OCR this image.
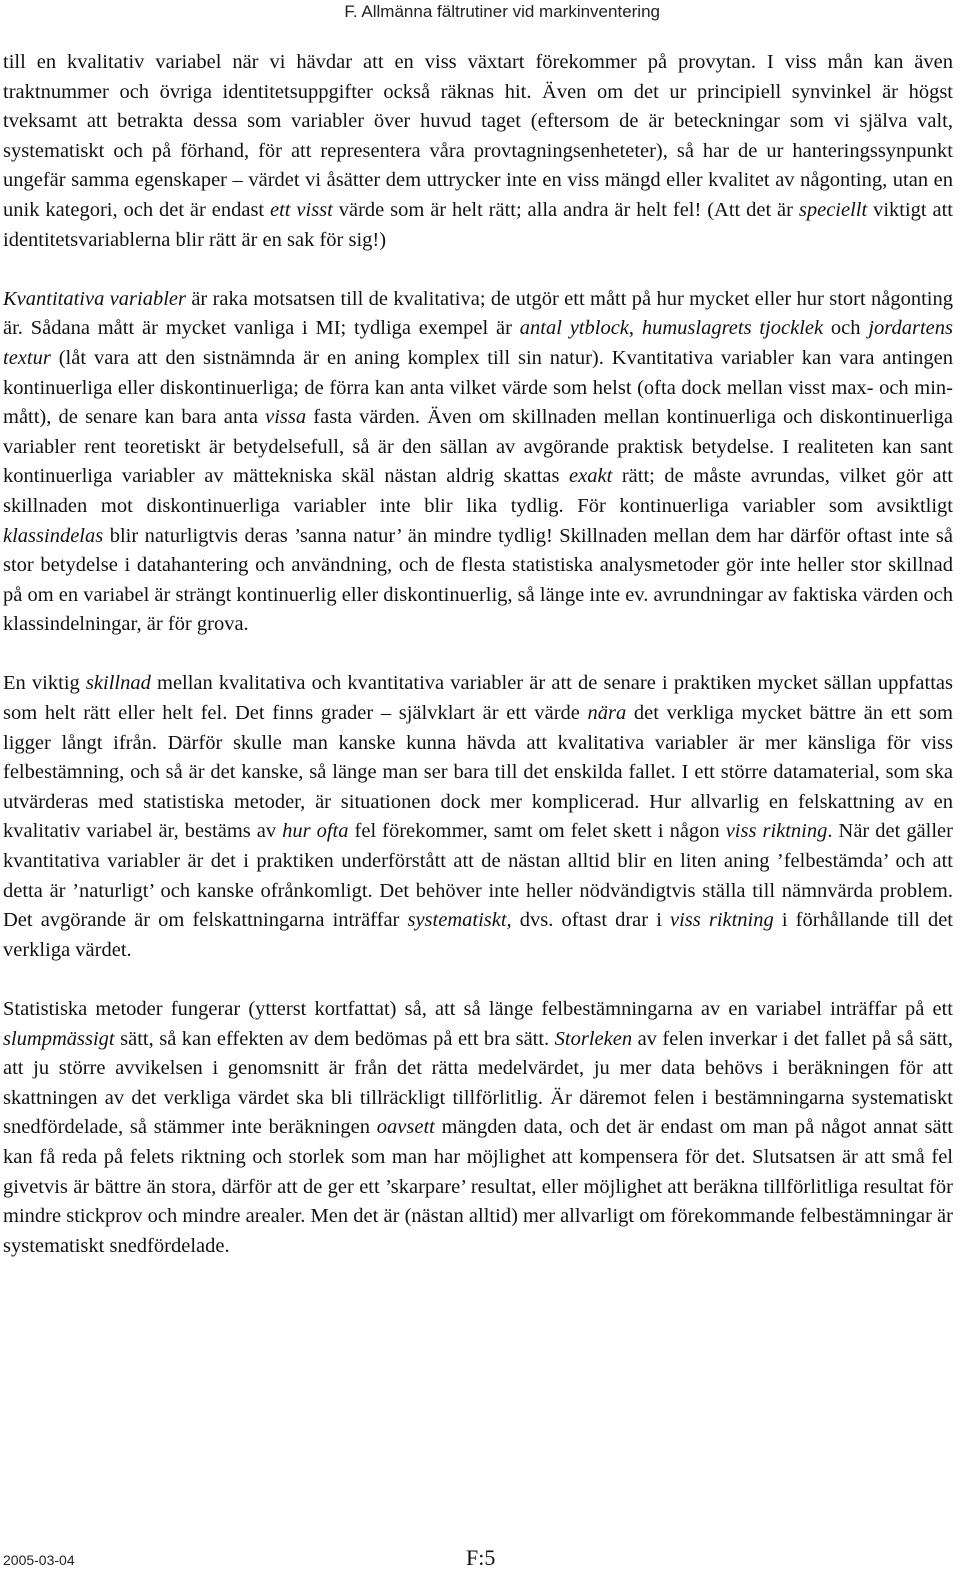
F. Allmänna fältrutiner vid markinventering

till en kvalitativ variabel när vi hävdar att en viss växtart förekommer på provytan. I viss mån kan även traktnummer och övriga identitetsuppgifter också räknas hit. Även om det ur principiell synvinkel är högst tveksamt att betrakta dessa som variabler över huvud taget (eftersom de är beteckningar som vi själva valt, systematiskt och på förhand, för att representera våra provtagningsenheteter), så har de ur hanteringssynpunkt ungefär samma egenskaper – värdet vi åsätter dem uttrycker inte en viss mängd eller kvalitet av någonting, utan en unik kategori, och det är endast ett visst värde som är helt rätt; alla andra är helt fel! (Att det är speciellt viktigt att identitetsvariablerna blir rätt är en sak för sig!)

Kvantitativa variabler är raka motsatsen till de kvalitativa; de utgör ett mått på hur mycket eller hur stort någonting är. Sådana mått är mycket vanliga i MI; tydliga exempel är antal ytblock, humuslagrets tjocklek och jordartens textur (låt vara att den sistnämnda är en aning komplex till sin natur). Kvantitativa variabler kan vara antingen kontinuerliga eller diskontinuerliga; de förra kan anta vilket värde som helst (ofta dock mellan visst max- och min-mått), de senare kan bara anta vissa fasta värden. Även om skillnaden mellan kontinuerliga och diskontinuerliga variabler rent teoretiskt är betydelsefull, så är den sällan av avgörande praktisk betydelse. I realiteten kan sant kontinuerliga variabler av mättekniska skäl nästan aldrig skattas exakt rätt; de måste avrundas, vilket gör att skillnaden mot diskontinuerliga variabler inte blir lika tydlig. För kontinuerliga variabler som avsiktligt klassindelas blir naturligtvis deras ’sanna natur’ än mindre tydlig! Skillnaden mellan dem har därför oftast inte så stor betydelse i datahantering och användning, och de flesta statistiska analysmetoder gör inte heller stor skillnad på om en variabel är strängt kontinuerlig eller diskontinuerlig, så länge inte ev. avrundningar av faktiska värden och klassindelningar, är för grova.

En viktig skillnad mellan kvalitativa och kvantitativa variabler är att de senare i praktiken mycket sällan uppfattas som helt rätt eller helt fel. Det finns grader – självklart är ett värde nära det verkliga mycket bättre än ett som ligger långt ifrån. Därför skulle man kanske kunna hävda att kvalitativa variabler är mer känsliga för viss felbestämning, och så är det kanske, så länge man ser bara till det enskilda fallet. I ett större datamaterial, som ska utvärderas med statistiska metoder, är situationen dock mer komplicerad. Hur allvarlig en felskattning av en kvalitativ variabel är, bestäms av hur ofta fel förekommer, samt om felet skett i någon viss riktning. När det gäller kvantitativa variabler är det i praktiken underförstått att de nästan alltid blir en liten aning ’felbestämda’ och att detta är ’naturligt’ och kanske ofrånkomligt. Det behöver inte heller nödvändigtvis ställa till nämnvärda problem. Det avgörande är om felskattningarna inträffar systematiskt, dvs. oftast drar i viss riktning i förhållande till det verkliga värdet.

Statistiska metoder fungerar (ytterst kortfattat) så, att så länge felbestämningarna av en variabel inträffar på ett slumpmässigt sätt, så kan effekten av dem bedömas på ett bra sätt. Storleken av felen inverkar i det fallet på så sätt, att ju större avvikelsen i genomsnitt är från det rätta medelvärdet, ju mer data behövs i beräkningen för att skattningen av det verkliga värdet ska bli tillräckligt tillförlitlig. Är däremot felen i bestämningarna systematiskt snedfördelade, så stämmer inte beräkningen oavsett mängden data, och det är endast om man på något annat sätt kan få reda på felets riktning och storlek som man har möjlighet att kompensera för det. Slutsatsen är att små fel givetvis är bättre än stora, därför att de ger ett ’skarpare’ resultat, eller möjlighet att beräkna tillförlitliga resultat för mindre stickprov och mindre arealer. Men det är (nästan alltid) mer allvarligt om förekommande felbestämningar är systematiskt snedfördelade.

2005-03-04	F:5
